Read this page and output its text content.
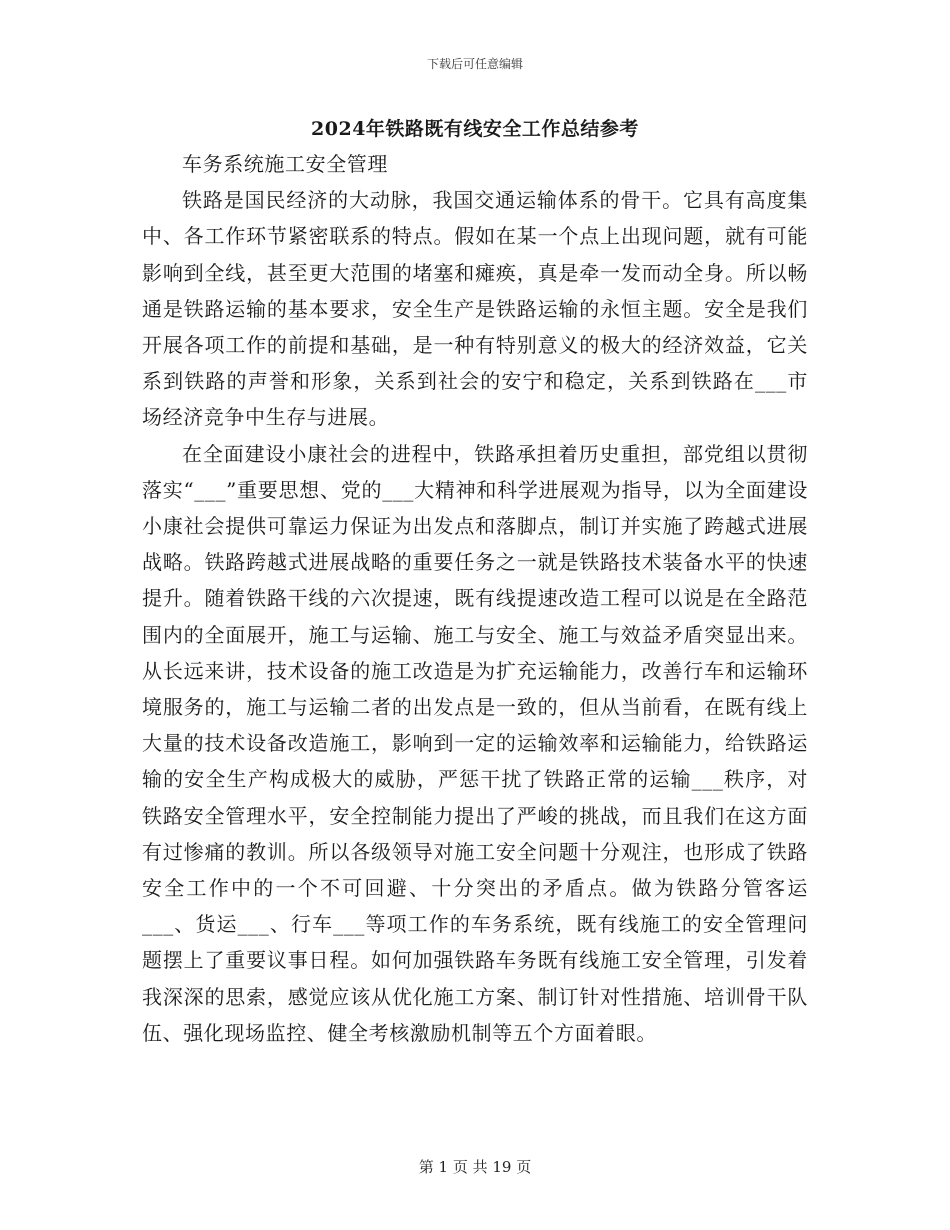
下载后可任意编辑
2024年铁路既有线安全工作总结参考

车务系统施工安全管理

铁路是国民经济的大动脉，我国交通运输体系的骨干。它具有高度集中、各工作环节紧密联系的特点。假如在某一个点上出现问题，就有可能影响到全线，甚至更大范围的堵塞和瘫痪，真是牵一发而动全身。所以畅通是铁路运输的基本要求，安全生产是铁路运输的永恒主题。安全是我们开展各项工作的前提和基础，是一种有特别意义的极大的经济效益，它关系到铁路的声誉和形象，关系到社会的安宁和稳定，关系到铁路在___市场经济竞争中生存与进展。

在全面建设小康社会的进程中，铁路承担着历史重担，部党组以贯彻落实“___”重要思想、党的___大精神和科学进展观为指导，以为全面建设小康社会提供可靠运力保证为出发点和落脚点，制订并实施了跨越式进展战略。铁路跨越式进展战略的重要任务之一就是铁路技术装备水平的快速提升。随着铁路干线的六次提速，既有线提速改造工程可以说是在全路范围内的全面展开，施工与运输、施工与安全、施工与效益矛盾突显出来。从长远来讲，技术设备的施工改造是为扩充运输能力，改善行车和运输环境服务的，施工与运输二者的出发点是一致的，但从当前看，在既有线上大量的技术设备改造施工，影响到一定的运输效率和运输能力，给铁路运输的安全生产构成极大的威胁，严惩干扰了铁路正常的运输___秩序，对铁路安全管理水平，安全控制能力提出了严峻的挑战，而且我们在这方面有过惨痛的教训。所以各级领导对施工安全问题十分观注，也形成了铁路安全工作中的一个不可回避、十分突出的矛盾点。做为铁路分管客运___、货运___、行车___等项工作的车务系统，既有线施工的安全管理问题摆上了重要议事日程。如何加强铁路车务既有线施工安全管理，引发着我深深的思索，感觉应该从优化施工方案、制订针对性措施、培训骨干队伍、强化现场监控、健全考核激励机制等五个方面着眼。

第 1 页 共 19 页
